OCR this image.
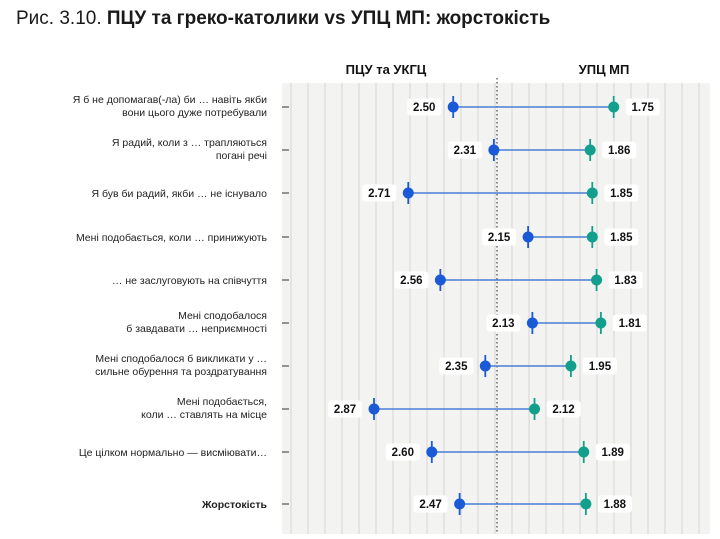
Рис. 3.10. ПЦУ та греко-католики vs УПЦ МП: жорстокість
ПЦУ та УКГЦ	УПЦ МП
Я б не допомагав(-ла) би … навіть якби
вони цього дуже потребували	2.50	1.75
Я радий, коли з … трапляються
погані речі	2.31	1.86
Я був би радий, якби … не існувало	2.71	1.85
Мені подобається, коли … принижують	2.15	1.85
… не заслуговують на співчуття	2.56	1.83
Мені сподобалося
б завдавати … неприємності	2.13	1.81
Мені сподобалося б викликати у …
сильне обурення та роздратування	2.35	1.95
Мені подобається,
коли … ставлять на місце	2.87	2.12
Це цілком нормально — висміювати…	2.60	1.89
Жорстокість	2.47	1.88
